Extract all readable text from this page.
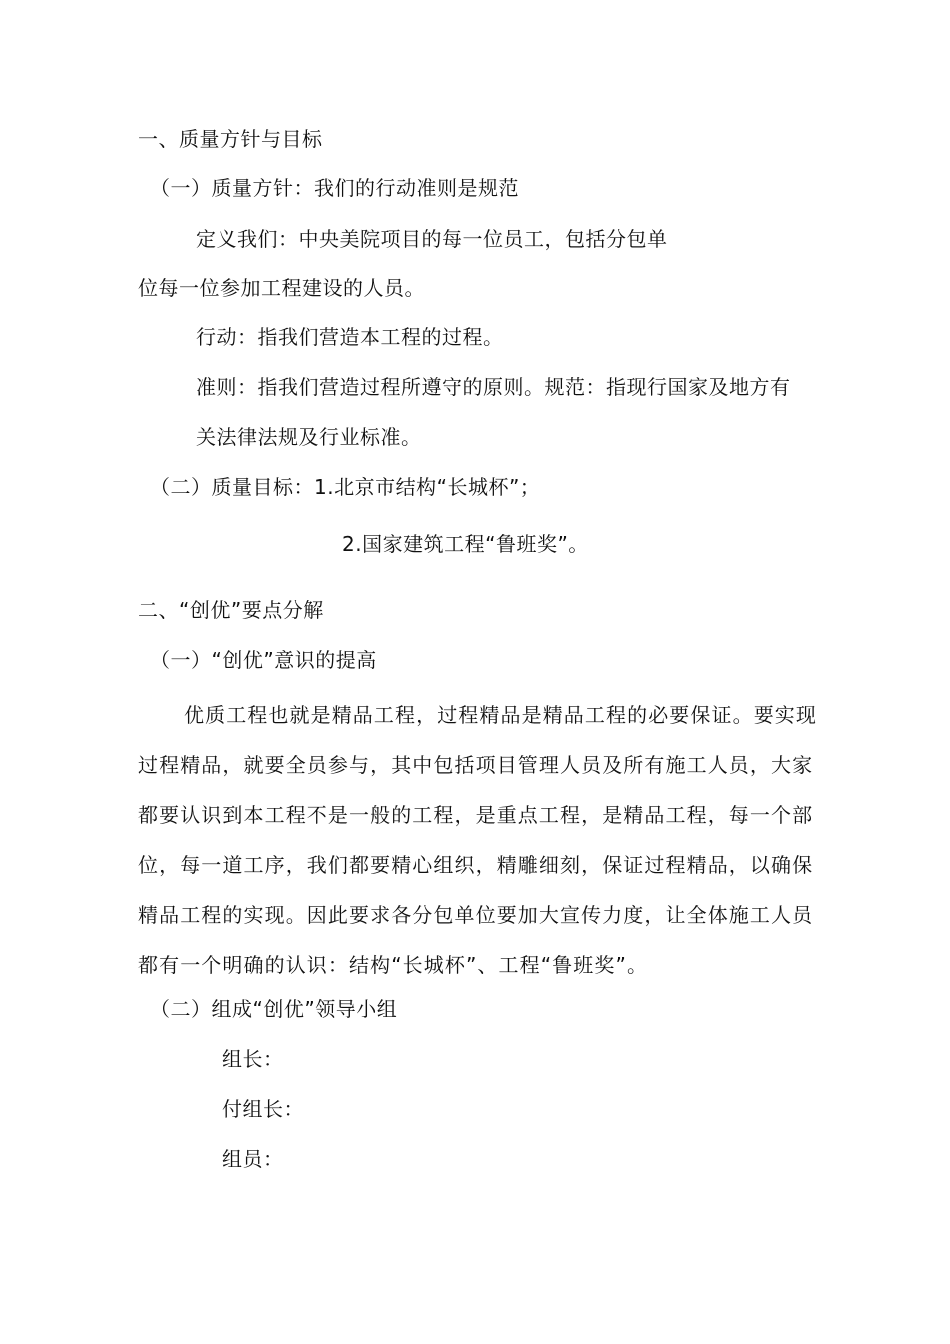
一、质量方针与目标
（一）质量方针：我们的行动准则是规范
定义我们：中央美院项目的每一位员工，包括分包单
位每一位参加工程建设的人员。
行动：指我们营造本工程的过程。
准则：指我们营造过程所遵守的原则。规范：指现行国家及地方有
关法律法规及行业标准。
（二）质量目标：1.北京市结构“长城杯”；
2.国家建筑工程“鲁班奖”。
二、“创优”要点分解
（一）“创优”意识的提高
优质工程也就是精品工程，过程精品是精品工程的必要保证。要实现过程精品，就要全员参与，其中包括项目管理人员及所有施工人员，大家都要认识到本工程不是一般的工程，是重点工程，是精品工程，每一个部位，每一道工序，我们都要精心组织，精雕细刻，保证过程精品，以确保精品工程的实现。因此要求各分包单位要加大宣传力度，让全体施工人员都有一个明确的认识：结构“长城杯”、工程“鲁班奖”。
（二）组成“创优”领导小组
组长：
付组长：
组员：
